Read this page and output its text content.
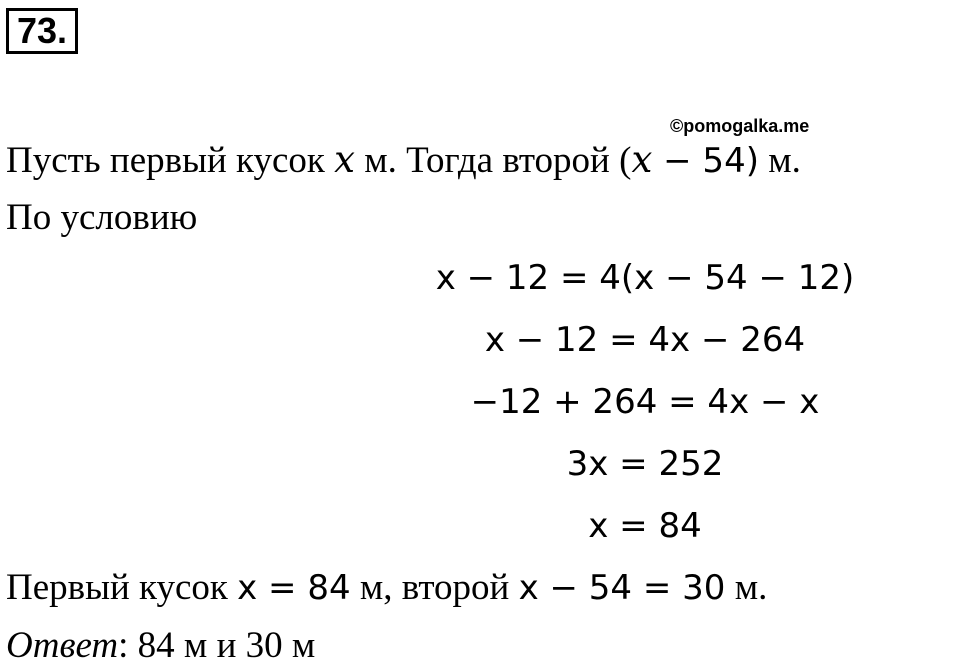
73.
©pomogalka.me
Пусть первый кусок x м. Тогда второй (x − 54) м.
По условию
x − 12 = 4(x − 54 − 12)
x − 12 = 4x − 264
−12 + 264 = 4x − x
3x = 252
x = 84
Первый кусок x = 84 м, второй x − 54 = 30 м.
Ответ: 84 м и 30 м
